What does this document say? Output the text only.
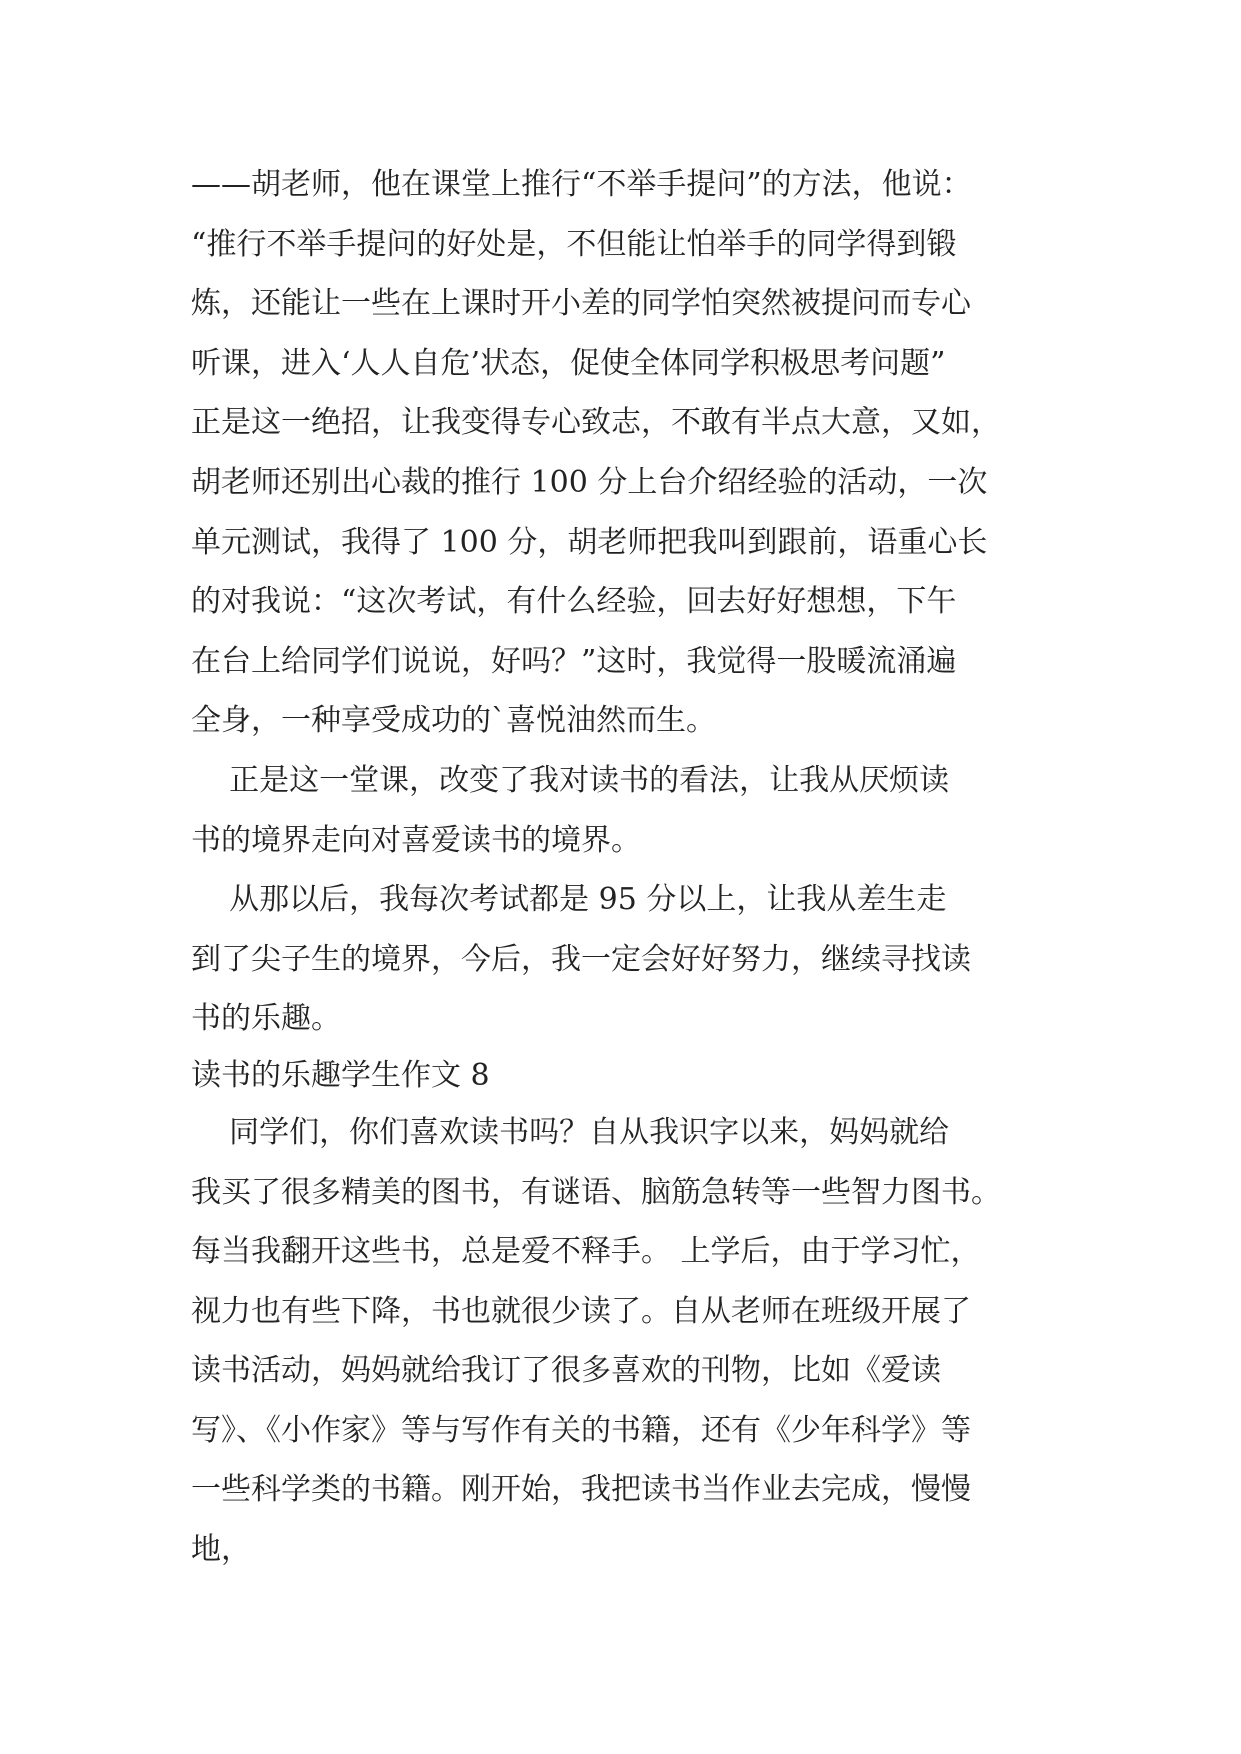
——胡老师，他在课堂上推行“不举手提问”的方法，他说：
“推行不举手提问的好处是，不但能让怕举手的同学得到锻
炼，还能让一些在上课时开小差的同学怕突然被提问而专心
听课，进入‘人人自危’状态，促使全体同学积极思考问题”
正是这一绝招，让我变得专心致志，不敢有半点大意，又如，
胡老师还别出心裁的推行 100 分上台介绍经验的活动，一次
单元测试，我得了 100 分，胡老师把我叫到跟前，语重心长
的对我说：“这次考试，有什么经验，回去好好想想，下午
在台上给同学们说说，好吗？”这时，我觉得一股暖流涌遍
全身，一种享受成功的`喜悦油然而生。
正是这一堂课，改变了我对读书的看法，让我从厌烦读
书的境界走向对喜爱读书的境界。
从那以后，我每次考试都是 95 分以上，让我从差生走
到了尖子生的境界，今后，我一定会好好努力，继续寻找读
书的乐趣。
读书的乐趣学生作文 8
同学们，你们喜欢读书吗？自从我识字以来，妈妈就给
我买了很多精美的图书，有谜语、脑筋急转等一些智力图书。
每当我翻开这些书，总是爱不释手。 上学后，由于学习忙，
视力也有些下降，书也就很少读了。自从老师在班级开展了
读书活动，妈妈就给我订了很多喜欢的刊物，比如《爱读
写》、《小作家》等与写作有关的书籍，还有《少年科学》等
一些科学类的书籍。刚开始，我把读书当作业去完成，慢慢
地，
